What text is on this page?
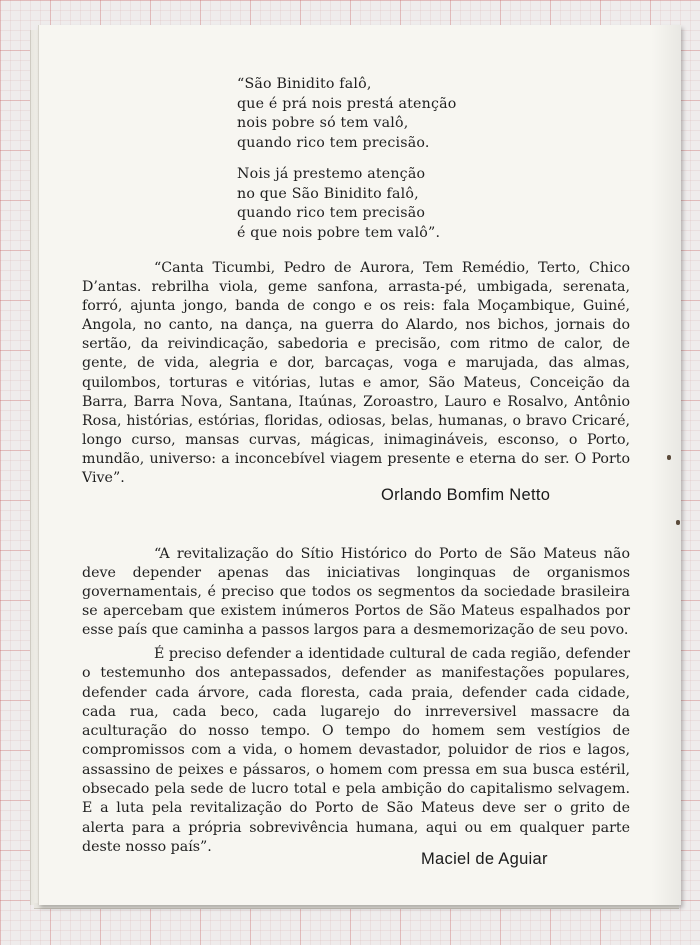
“São Binidito falô,
que é prá nois prestá atenção
nois pobre só tem valô,
quando rico tem precisão.
Nois já prestemo atenção
no que São Binidito falô,
quando rico tem precisão
é que nois pobre tem valô”.

“Canta Ticumbi, Pedro de Aurora, Tem Remédio, Terto, Chico D’antas. rebrilha viola, geme sanfona, arrasta-pé, umbigada, serenata, forró, ajunta jongo, banda de congo e os reis: fala Moçambique, Guiné, Angola, no canto, na dança, na guerra do Alardo, nos bichos, jornais do sertão, da reivindicação, sabedoria e precisão, com ritmo de calor, de gente, de vida, alegria e dor, barcaças, voga e marujada, das almas, quilombos, torturas e vitórias, lutas e amor, São Mateus, Conceição da Barra, Barra Nova, Santana, Itaúnas, Zoroastro, Lauro e Rosalvo, Antônio Rosa, histórias, estórias, floridas, odiosas, belas, humanas, o bravo Cricaré, longo curso, mansas curvas, mágicas, inimagináveis, esconso, o Porto, mundão, universo: a inconcebível viagem presente e eterna do ser. O Porto Vive”.

Orlando Bomfim Netto

“A revitalização do Sítio Histórico do Porto de São Mateus não deve depender apenas das iniciativas longinquas de organismos governamentais, é preciso que todos os segmentos da sociedade brasileira se apercebam que existem inúmeros Portos de São Mateus espalhados por esse país que caminha a passos largos para a desmemorização de seu povo.

É preciso defender a identidade cultural de cada região, defender o testemunho dos antepassados, defender as manifestações populares, defender cada árvore, cada floresta, cada praia, defender cada cidade, cada rua, cada beco, cada lugarejo do inrreversivel massacre da aculturação do nosso tempo. O tempo do homem sem vestígios de compromissos com a vida, o homem devastador, poluidor de rios e lagos, assassino de peixes e pássaros, o homem com pressa em sua busca estéril, obsecado pela sede de lucro total e pela ambição do capitalismo selvagem. E a luta pela revitalização do Porto de São Mateus deve ser o grito de alerta para a própria sobrevivência humana, aqui ou em qualquer parte deste nosso país”.

Maciel de Aguiar
